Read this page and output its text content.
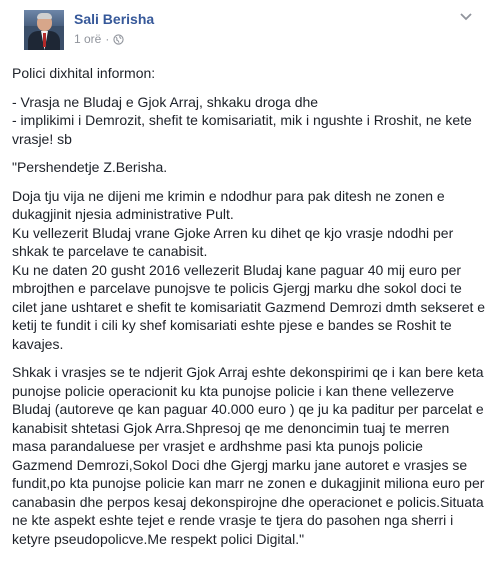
Sali Berisha
1 orë ·

Polici dixhital informon:

- Vrasja ne Bludaj e Gjok Arraj, shkaku droga dhe
- implikimi i Demrozit, shefit te komisariatit, mik i ngushte i Rroshit, ne kete vrasje! sb

"Pershendetje Z.Berisha.

Doja tju vija ne dijeni me krimin e ndodhur para pak ditesh ne zonen e dukagjinit njesia administrative Pult.
Ku vellezerit Bludaj vrane Gjoke Arren ku dihet qe kjo vrasje ndodhi per shkak te parcelave te canabisit.
Ku ne daten 20 gusht 2016 vellezerit Bludaj kane paguar 40 mij euro per mbrojthen e parcelave punojsve te policis Gjergj marku dhe sokol doci te cilet jane ushtaret e shefit te komisariatit Gazmend Demrozi dmth sekseret e ketij te fundit i cili ky shef komisariati eshte pjese e bandes se Roshit te kavajes.

Shkak i vrasjes se te ndjerit Gjok Arraj eshte dekonspirimi qe i kan bere keta punojse policie operacionit ku kta punojse policie i kan thene vellezerve Bludaj (autoreve qe kan paguar 40.000 euro ) qe ju ka paditur per parcelat e kanabisit shtetasi Gjok Arra.Shpresoj qe me denoncimin tuaj te merren masa parandaluese per vrasjet e ardhshme pasi kta punojs policie Gazmend Demrozi,Sokol Doci dhe Gjergj marku jane autoret e vrasjes se fundit,po kta punojse policie kan marr ne zonen e dukagjinit miliona euro per canabasin dhe perpos kesaj dekonspirojne dhe operacionet e policis.Situata ne kte aspekt eshte tejet e rende vrasje te tjera do pasohen nga sherri i ketyre pseudopolicve.Me respekt polici Digital."
